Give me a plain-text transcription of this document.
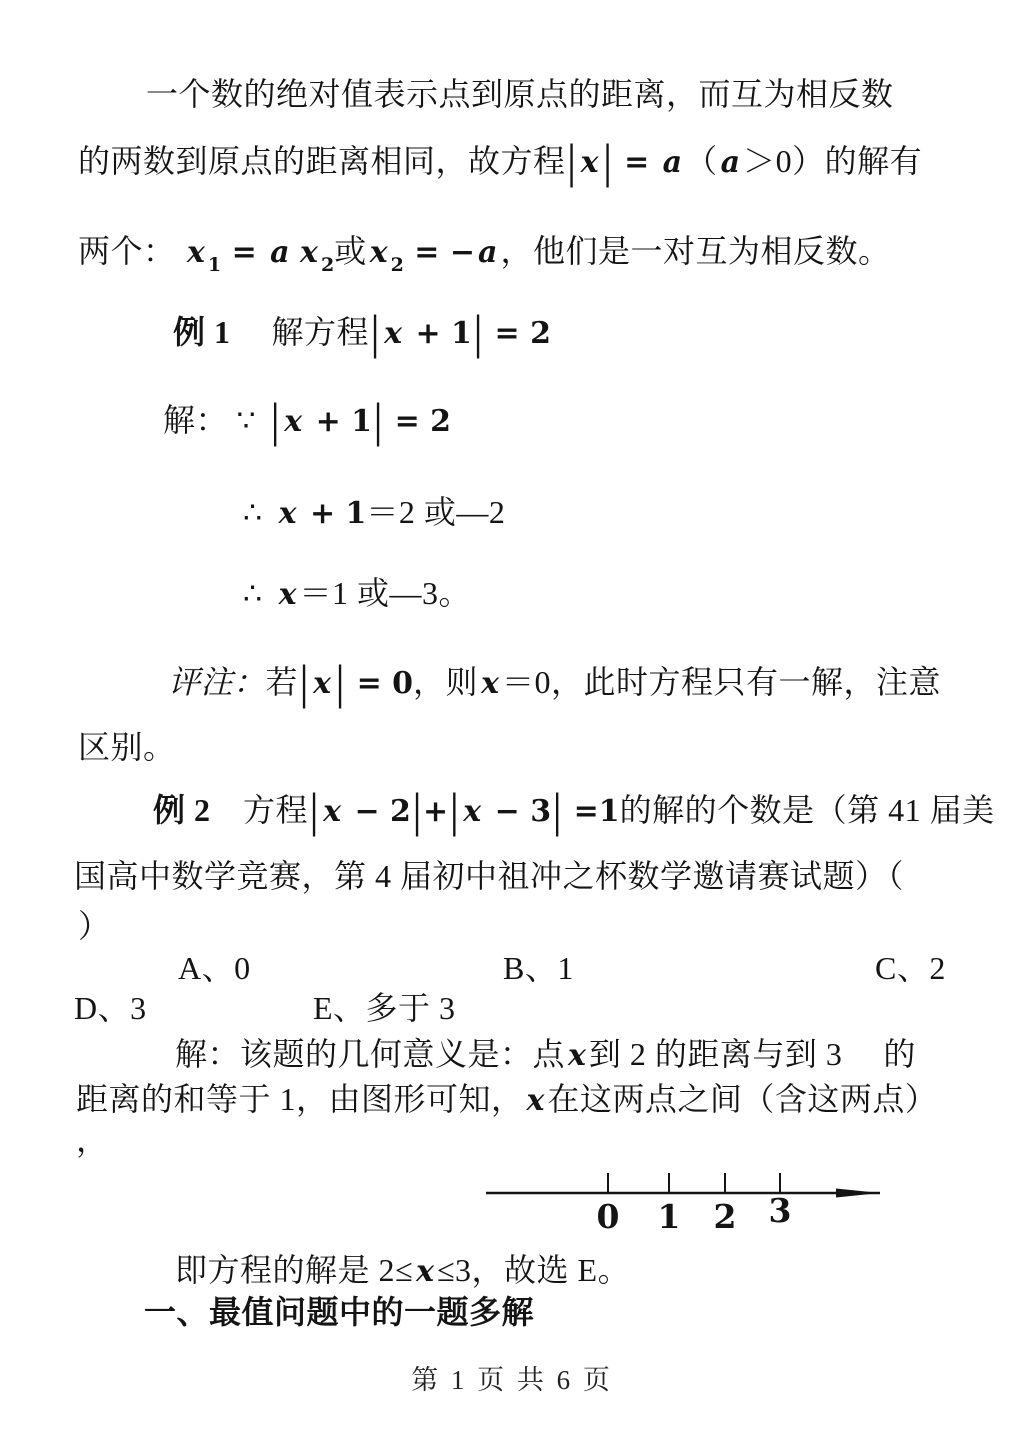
一个数的绝对值表示点到原点的距离，而互为相反数
的两数到原点的距离相同，故方程| x | = a（ a＞0）的解有
两个： x $_1$ = a x $_2$或 x $_2$ = − a，他们是一对互为相反数。
例 1　 解方程| x + 1| = 2
解： ∵ | x + 1| = 2
∴ x + 1＝2 或—2
∴ x＝1 或—3。
评注：若| x | = 0，则 x＝0，此时方程只有一解，注意
区别。
例 2　方程| x − 2|+| x − 3| =1的解的个数是（第 41 届美
国高中数学竞赛，第 4 届初中祖冲之杯数学邀请赛试题）（
）
A、0	B、1	C、2
D、3	E、多于 3
解：该题的几何意义是：点 x到 2 的距离与到 3　 的
距离的和等于 1，由图形可知， x在这两点之间（含这两点）
，
即方程的解是 2≤ x≤3，故选 E。
一、最值问题中的一题多解
0 1 2 3
第 1 页 共 6 页
